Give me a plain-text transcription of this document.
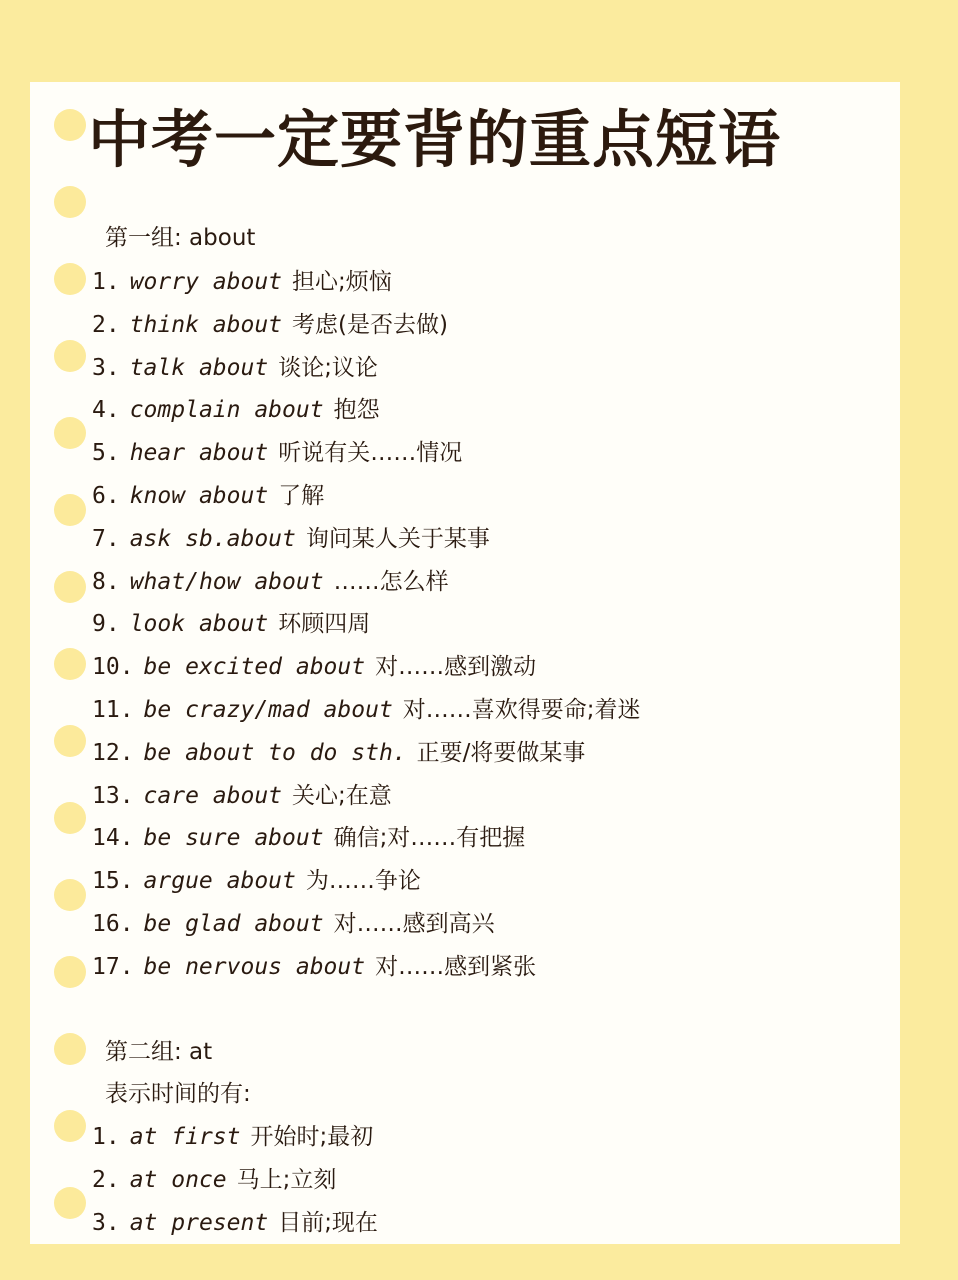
中考一定要背的重点短语
第一组: about
1. worry about 担心;烦恼
2. think about 考虑(是否去做)
3. talk about 谈论;议论
4. complain about 抱怨
5. hear about 听说有关……情况
6. know about 了解
7. ask sb.about 询问某人关于某事
8. what/how about ……怎么样
9. look about 环顾四周
10. be excited about 对……感到激动
11. be crazy/mad about 对……喜欢得要命;着迷
12. be about to do sth. 正要/将要做某事
13. care about 关心;在意
14. be sure about 确信;对……有把握
15. argue about 为……争论
16. be glad about 对……感到高兴
17. be nervous about 对……感到紧张
第二组: at
表示时间的有:
1. at first 开始时;最初
2. at once 马上;立刻
3. at present 目前;现在
